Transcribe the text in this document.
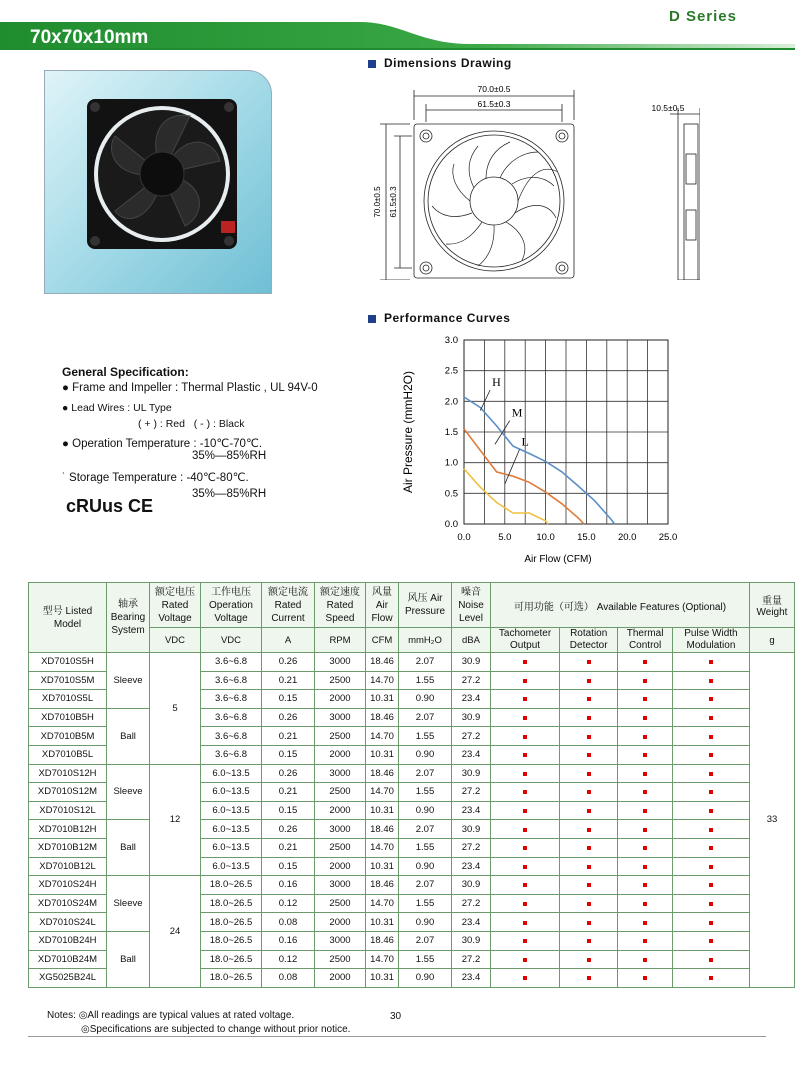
D Series
70x70x10mm
Dimensions Drawing
70.0±0.5
61.5±0.3
70.0±0.5 61.5±0.3
10.5±0.5
Performance Curves
0.0	5.0	10.0 15.0 20.0 25.0
3.0
2.5
2.0
1.5
1.0
0.5
0.0
Air Flow (CFM)
Air Pressure (mmH2O)	H
M
L
General Specification:
● Frame and Impeller : Thermal Plastic , UL 94V-0
● Lead Wires : UL Type
( + ) : Red ( - ) : Black
● Operation Temperature : -10℃-70℃.
35%—85%RH
˙ Storage Temperature : -40℃-80℃.
35%—85%RH
cRUus CE
型号 Listed Model	轴承 Bearing System	额定电压 Rated Voltage	工作电压 Operation Voltage	额定电流 Rated Current	额定速度 Rated Speed	风量 Air Flow	风压 Air Pressure	噪音 Noise Level	可用功能（可选） Available Features (Optional)				重量 Weight
		VDC	VDC	A	RPM	CFM	mmH₂O	dBA	Tachometer Output	Rotation Detector	Thermal Control	Pulse Width Modulation	g
XD7010S5H	Sleeve	5	3.6~6.8	0.26	3000	18.46	2.07	30.9					33
XD7010S5M			3.6~6.8	0.21	2500	14.70	1.55	27.2					
XD7010S5L			3.6~6.8	0.15	2000	10.31	0.90	23.4					
XD7010B5H	Ball		3.6~6.8	0.26	3000	18.46	2.07	30.9					
XD7010B5M			3.6~6.8	0.21	2500	14.70	1.55	27.2					
XD7010B5L			3.6~6.8	0.15	2000	10.31	0.90	23.4					
XD7010S12H	Sleeve	12	6.0~13.5	0.26	3000	18.46	2.07	30.9					
XD7010S12M			6.0~13.5	0.21	2500	14.70	1.55	27.2					
XD7010S12L			6.0~13.5	0.15	2000	10.31	0.90	23.4					
XD7010B12H	Ball		6.0~13.5	0.26	3000	18.46	2.07	30.9					
XD7010B12M			6.0~13.5	0.21	2500	14.70	1.55	27.2					
XD7010B12L			6.0~13.5	0.15	2000	10.31	0.90	23.4					
XD7010S24H	Sleeve	24	18.0~26.5	0.16	3000	18.46	2.07	30.9					
XD7010S24M			18.0~26.5	0.12	2500	14.70	1.55	27.2					
XD7010S24L			18.0~26.5	0.08	2000	10.31	0.90	23.4					
XD7010B24H	Ball		18.0~26.5	0.16	3000	18.46	2.07	30.9					
XD7010B24M			18.0~26.5	0.12	2500	14.70	1.55	27.2					
XG5025B24L			18.0~26.5	0.08	2000	10.31	0.90	23.4					
Notes: ◎All readings are typical values at rated voltage.
◎Specifications are subjected to change without prior notice.
30
